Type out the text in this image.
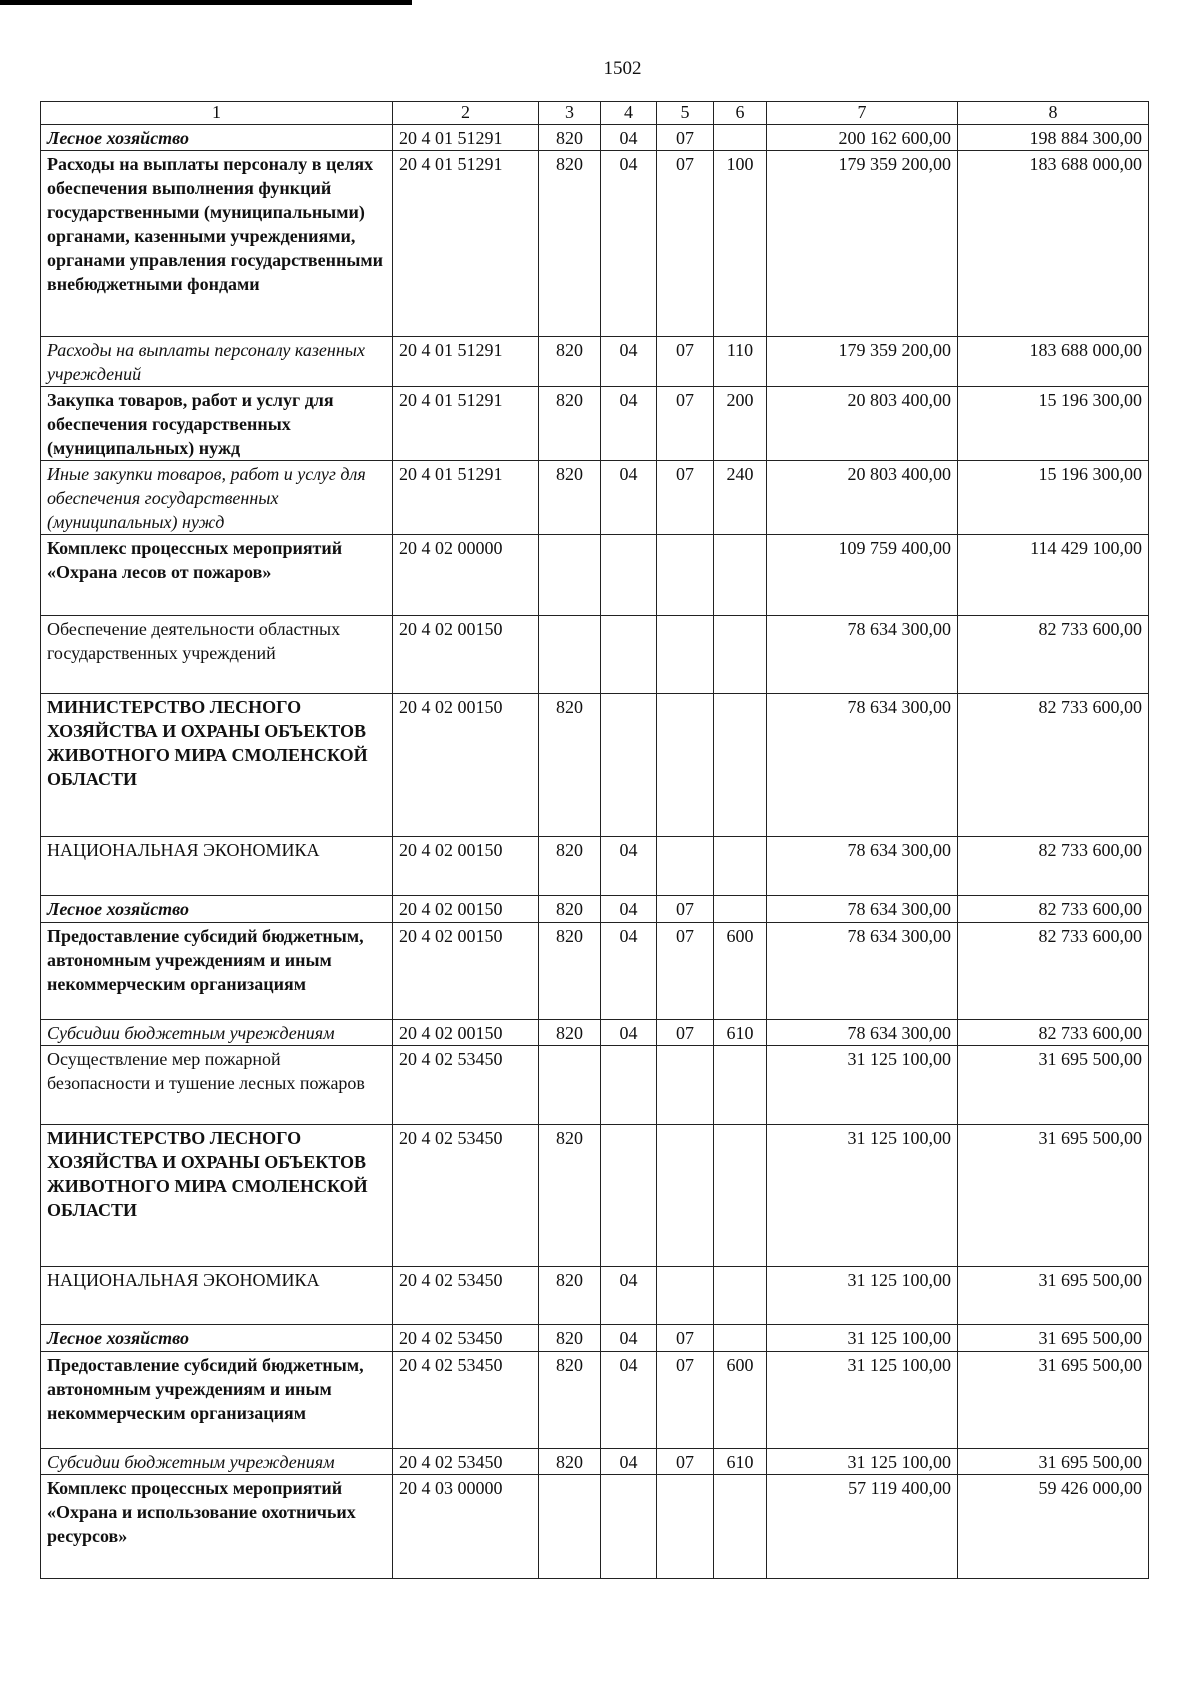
1502
1	2	3	4	5	6	7	8
Лесное хозяйство	20 4 01 51291	820	04	07		200 162 600,00	198 884 300,00
Расходы на выплаты персоналу в целях обеспечения выполнения функций государственными (муниципальными) органами, казенными учреждениями, органами управления государственными внебюджетными фондами	20 4 01 51291	820	04	07	100	179 359 200,00	183 688 000,00
Расходы на выплаты персоналу казенных учреждений	20 4 01 51291	820	04	07	110	179 359 200,00	183 688 000,00
Закупка товаров, работ и услуг для обеспечения государственных (муниципальных) нужд	20 4 01 51291	820	04	07	200	20 803 400,00	15 196 300,00
Иные закупки товаров, работ и услуг для обеспечения государственных (муниципальных) нужд	20 4 01 51291	820	04	07	240	20 803 400,00	15 196 300,00
Комплекс процессных мероприятий «Охрана лесов от пожаров»	20 4 02 00000					109 759 400,00	114 429 100,00
Обеспечение деятельности областных государственных учреждений	20 4 02 00150					78 634 300,00	82 733 600,00
МИНИСТЕРСТВО ЛЕСНОГО ХОЗЯЙСТВА И ОХРАНЫ ОБЪЕКТОВ ЖИВОТНОГО МИРА СМОЛЕНСКОЙ ОБЛАСТИ	20 4 02 00150	820				78 634 300,00	82 733 600,00
НАЦИОНАЛЬНАЯ ЭКОНОМИКА	20 4 02 00150	820	04			78 634 300,00	82 733 600,00
Лесное хозяйство	20 4 02 00150	820	04	07		78 634 300,00	82 733 600,00
Предоставление субсидий бюджетным, автономным учреждениям и иным некоммерческим организациям	20 4 02 00150	820	04	07	600	78 634 300,00	82 733 600,00
Субсидии бюджетным учреждениям	20 4 02 00150	820	04	07	610	78 634 300,00	82 733 600,00
Осуществление мер пожарной безопасности и тушение лесных пожаров	20 4 02 53450					31 125 100,00	31 695 500,00
МИНИСТЕРСТВО ЛЕСНОГО ХОЗЯЙСТВА И ОХРАНЫ ОБЪЕКТОВ ЖИВОТНОГО МИРА СМОЛЕНСКОЙ ОБЛАСТИ	20 4 02 53450	820				31 125 100,00	31 695 500,00
НАЦИОНАЛЬНАЯ ЭКОНОМИКА	20 4 02 53450	820	04			31 125 100,00	31 695 500,00
Лесное хозяйство	20 4 02 53450	820	04	07		31 125 100,00	31 695 500,00
Предоставление субсидий бюджетным, автономным учреждениям и иным некоммерческим организациям	20 4 02 53450	820	04	07	600	31 125 100,00	31 695 500,00
Субсидии бюджетным учреждениям	20 4 02 53450	820	04	07	610	31 125 100,00	31 695 500,00
Комплекс процессных мероприятий «Охрана и использование охотничьих ресурсов»	20 4 03 00000					57 119 400,00	59 426 000,00
